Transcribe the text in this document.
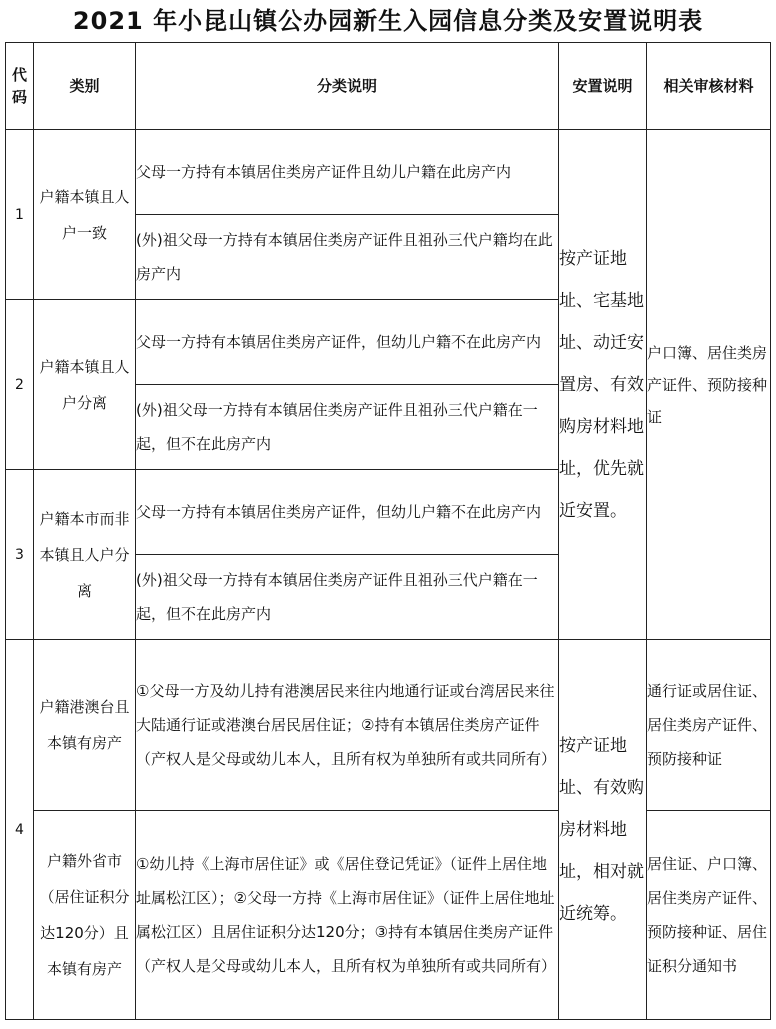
2021 年小昆山镇公办园新生入园信息分类及安置说明表
代码	类别	分类说明	安置说明	相关审核材料
1	户籍本镇且人户一致	父母一方持有本镇居住类房产证件且幼儿户籍在此房产内	按产证地址、宅基地址、动迁安置房、有效购房材料地址，优先就近安置。	户口簿、居住类房产证件、预防接种证
		(外)祖父母一方持有本镇居住类房产证件且祖孙三代户籍均在此房产内		
2	户籍本镇且人户分离	父母一方持有本镇居住类房产证件，但幼儿户籍不在此房产内		
		(外)祖父母一方持有本镇居住类房产证件且祖孙三代户籍在一起，但不在此房产内		
3	户籍本市而非本镇且人户分离	父母一方持有本镇居住类房产证件，但幼儿户籍不在此房产内		
		(外)祖父母一方持有本镇居住类房产证件且祖孙三代户籍在一起，但不在此房产内		
4	户籍港澳台且本镇有房产	①父母一方及幼儿持有港澳居民来往内地通行证或台湾居民来往大陆通行证或港澳台居民居住证；②持有本镇居住类房产证件（产权人是父母或幼儿本人，且所有权为单独所有或共同所有）	按产证地址、有效购房材料地址，相对就近统筹。	通行证或居住证、居住类房产证件、预防接种证
	户籍外省市（居住证积分达120分）且本镇有房产	①幼儿持《上海市居住证》或《居住登记凭证》（证件上居住地址属松江区）；②父母一方持《上海市居住证》（证件上居住地址属松江区）且居住证积分达120分；③持有本镇居住类房产证件（产权人是父母或幼儿本人，且所有权为单独所有或共同所有）		居住证、户口簿、居住类房产证件、预防接种证、居住证积分通知书
